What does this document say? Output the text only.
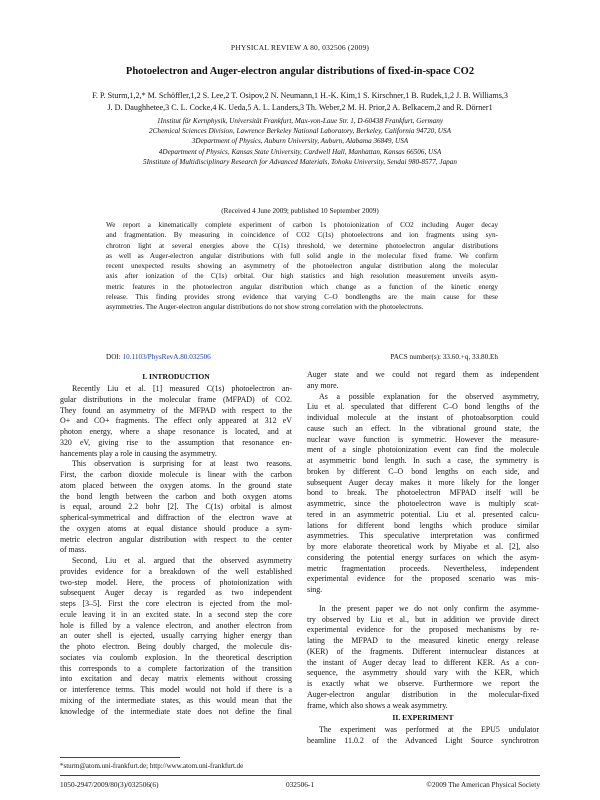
PHYSICAL REVIEW A 80, 032506 (2009)
Photoelectron and Auger-electron angular distributions of fixed-in-space CO2
F. P. Sturm,1,2,* M. Schöffler,1,2 S. Lee,2 T. Osipov,2 N. Neumann,1 H.-K. Kim,1 S. Kirschner,1 B. Rudek,1,2 J. B. Williams,3
J. D. Daughhetee,3 C. L. Cocke,4 K. Ueda,5 A. L. Landers,3 Th. Weber,2 M. H. Prior,2 A. Belkacem,2 and R. Dörner1
1Institut für Kernphysik, Universität Frankfurt, Max-von-Laue Str. 1, D-60438 Frankfurt, Germany
2Chemical Sciences Division, Lawrence Berkeley National Laboratory, Berkeley, California 94720, USA
3Department of Physics, Auburn University, Auburn, Alabama 36849, USA
4Department of Physics, Kansas State University, Cardwell Hall, Manhattan, Kansas 66506, USA
5Institute of Multidisciplinary Research for Advanced Materials, Tohoku University, Sendai 980-8577, Japan
(Received 4 June 2009; published 10 September 2009)
We report a kinematically complete experiment of carbon 1s photoionization of CO2 including Auger decay
and fragmentation. By measuring in coincidence of CO2 C(1s) photoelectrons and ion fragments using syn-
chrotron light at several energies above the C(1s) threshold, we determine photoelectron angular distributions
as well as Auger-electron angular distributions with full solid angle in the molecular fixed frame. We confirm
recent unexpected results showing an asymmetry of the photoelectron angular distribution along the molecular
axis after ionization of the C(1s) orbital. Our high statistics and high resolution measurement unveils asym-
metric features in the photoelectron angular distribution which change as a function of the kinetic energy
release. This finding provides strong evidence that varying C–O bondlengths are the main cause for these
asymmetries. The Auger-electron angular distributions do not show strong correlation with the photoelectrons.
DOI: 10.1103/PhysRevA.80.032506	PACS number(s): 33.60.+q, 33.80.Eh
I. INTRODUCTION
Recently Liu et al. [1] measured C(1s) photoelectron an-
gular distributions in the molecular frame (MFPAD) of CO2.
They found an asymmetry of the MFPAD with respect to the
O+ and CO+ fragments. The effect only appeared at 312 eV
photon energy, where a shape resonance is located, and at
320 eV, giving rise to the assumption that resonance en-
hancements play a role in causing the asymmetry.
This observation is surprising for at least two reasons.
First, the carbon dioxide molecule is linear with the carbon
atom placed between the oxygen atoms. In the ground state
the bond length between the carbon and both oxygen atoms
is equal, around 2.2 bohr [2]. The C(1s) orbital is almost
spherical-symmetrical and diffraction of the electron wave at
the oxygen atoms at equal distance should produce a sym-
metric electron angular distribution with respect to the center
of mass.
Second, Liu et al. argued that the observed asymmetry
provides evidence for a breakdown of the well established
two-step model. Here, the process of photoionization with
subsequent Auger decay is regarded as two independent
steps [3–5]. First the core electron is ejected from the mol-
ecule leaving it in an excited state. In a second step the core
hole is filled by a valence electron, and another electron from
an outer shell is ejected, usually carrying higher energy than
the photo electron. Being doubly charged, the molecule dis-
sociates via coulomb explosion. In the theoretical description
this corresponds to a complete factorization of the transition
into excitation and decay matrix elements without crossing
or interference terms. This model would not hold if there is a
mixing of the intermediate states, as this would mean that the
knowledge of the intermediate state does not define the final
Auger state and we could not regard them as independent
any more.
As a possible explanation for the observed asymmetry,
Liu et al. speculated that different C–O bond lengths of the
individual molecule at the instant of photoabsorption could
cause such an effect. In the vibrational ground state, the
nuclear wave function is symmetric. However the measure-
ment of a single photoionization event can find the molecule
at asymmetric bond length. In such a case, the symmetry is
broken by different C–O bond lengths on each side, and
subsequent Auger decay makes it more likely for the longer
bond to break. The photoelectron MFPAD itself will be
asymmetric, since the photoelectron wave is multiply scat-
tered in an asymmetric potential. Liu et al. presented calcu-
lations for different bond lengths which produce similar
asymmetries. This speculative interpretation was confirmed
by more elaborate theoretical work by Miyabe et al. [2], also
considering the potential energy surfaces on which the asym-
metric fragmentation proceeds. Nevertheless, independent
experimental evidence for the proposed scenario was mis-
sing.
In the present paper we do not only confirm the asymme-
try observed by Liu et al., but in addition we provide direct
experimental evidence for the proposed mechanisms by re-
lating the MFPAD to the measured kinetic energy release
(KER) of the fragments. Different internuclear distances at
the instant of Auger decay lead to different KER. As a con-
sequence, the asymmetry should vary with the KER, which
is exactly what we observe. Furthermore we report the
Auger-electron angular distribution in the molecular-fixed
frame, which also shows a weak asymmetry.
II. EXPERIMENT
The experiment was performed at the EPU5 undulator
beamline 11.0.2 of the Advanced Light Source synchrotron
*sturm@atom.uni-frankfurt.de; http://www.atom.uni-frankfurt.de
1050-2947/2009/80(3)/032506(6)	032506-1	©2009 The American Physical Society
